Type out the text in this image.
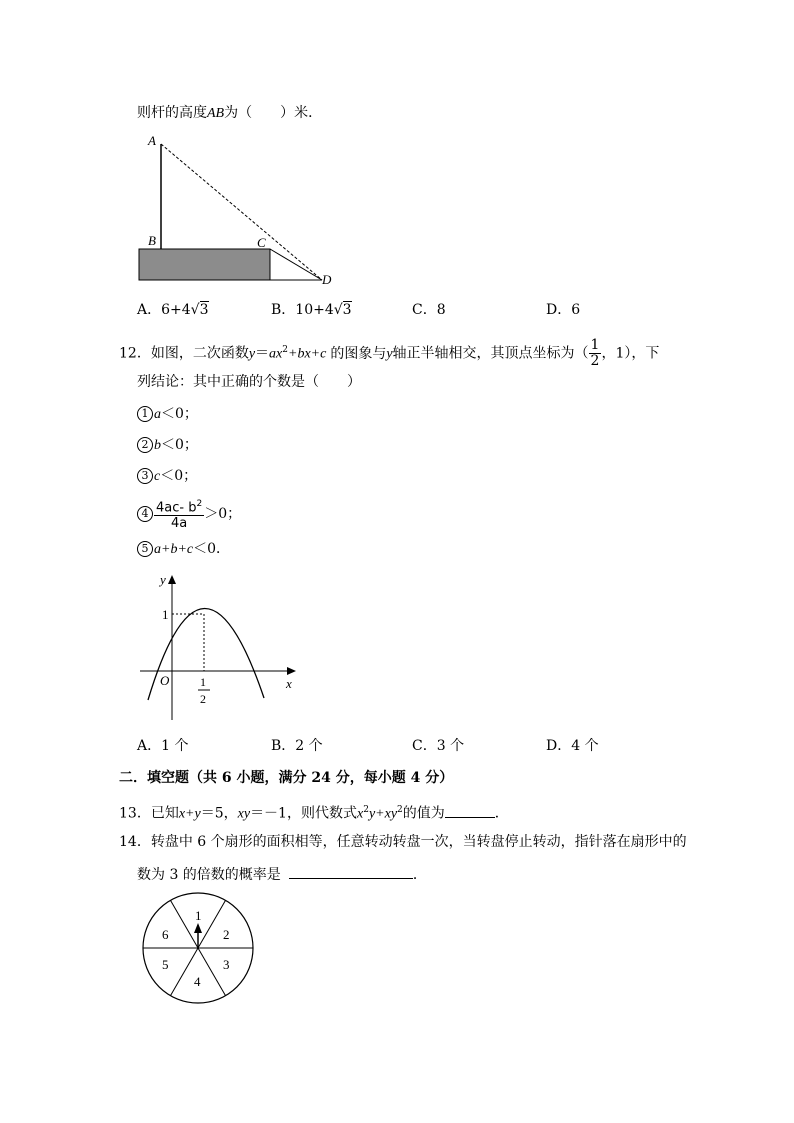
则杆的高度AB为（　　）米．
A
B	C
D
A．6+4√3	B．10+4√3	C．8	D．6
12．如图，二次函数$y=ax^2+bx+c$ 的图象与y轴正半轴相交，其顶点坐标为（ $\frac{1}{2}$ ，1），下
列结论：其中正确的个数是（　　）
1 a＜0；
2 b＜0；
3 c＜0；
$4 \frac{4ac- b^2}{4a} >0$；
5 a+b+c＜0．
y
x
O
1
1
2
A．1 个	B．2 个	C．3 个	D．4 个
二．填空题（共 6 小题，满分 24 分，每小题 4 分）
13．已知x+y＝5，xy＝－1，则代数式$x^2y+xy^2$的值为	．
14．转盘中 6 个扇形的面积相等，任意转动转盘一次，当转盘停止转动，指针落在扇形中的
数为 3 的倍数的概率是	．
1
2
3
4
5
6
